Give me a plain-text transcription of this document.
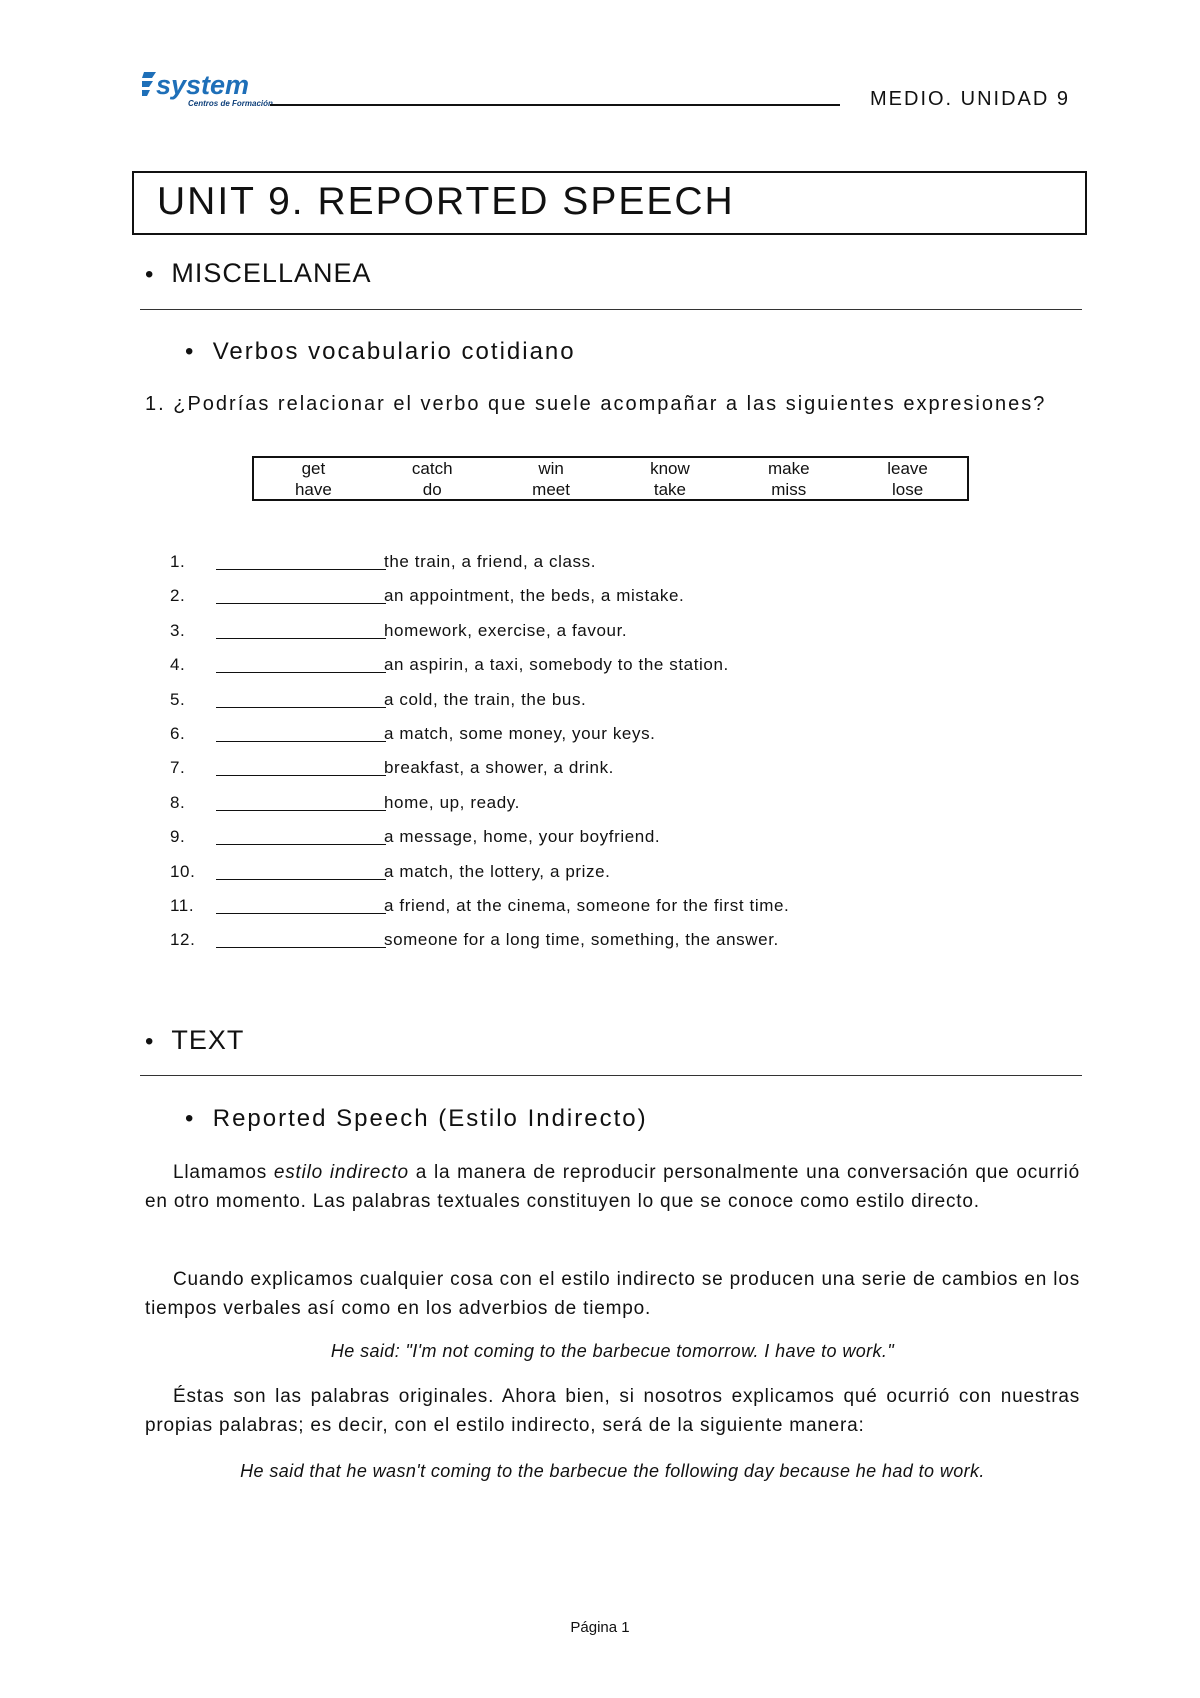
system
Centros de Formación	MEDIO. UNIDAD 9
UNIT 9. REPORTED SPEECH
• MISCELLANEA
• Verbos vocabulario cotidiano
1. ¿Podrías relacionar el verbo que suele acompañar a las siguientes expresiones?
get	catch	win	know	make	leave
have	do	meet	take	miss	lose
1.	the train, a friend, a class.
2.	an appointment, the beds, a mistake.
3.	homework, exercise, a favour.
4.	an aspirin, a taxi, somebody to the station.
5.	a cold, the train, the bus.
6.	a match, some money, your keys.
7.	breakfast, a shower, a drink.
8.	home, up, ready.
9.	a message, home, your boyfriend.
10.	a match, the lottery, a prize.
11.	a friend, at the cinema, someone for the first time.
12.	someone for a long time, something, the answer.
• TEXT
• Reported Speech (Estilo Indirecto)
Llamamos estilo indirecto a la manera de reproducir personalmente una conversación que ocurrió en otro momento. Las palabras textuales constituyen lo que se conoce como estilo directo.
Cuando explicamos cualquier cosa con el estilo indirecto se producen una serie de cambios en los tiempos verbales así como en los adverbios de tiempo.
He said: "I'm not coming to the barbecue tomorrow. I have to work."
Éstas son las palabras originales. Ahora bien, si nosotros explicamos qué ocurrió con nuestras propias palabras; es decir, con el estilo indirecto, será de la siguiente manera:
He said that he wasn't coming to the barbecue the following day because he had to work.
Página 1
